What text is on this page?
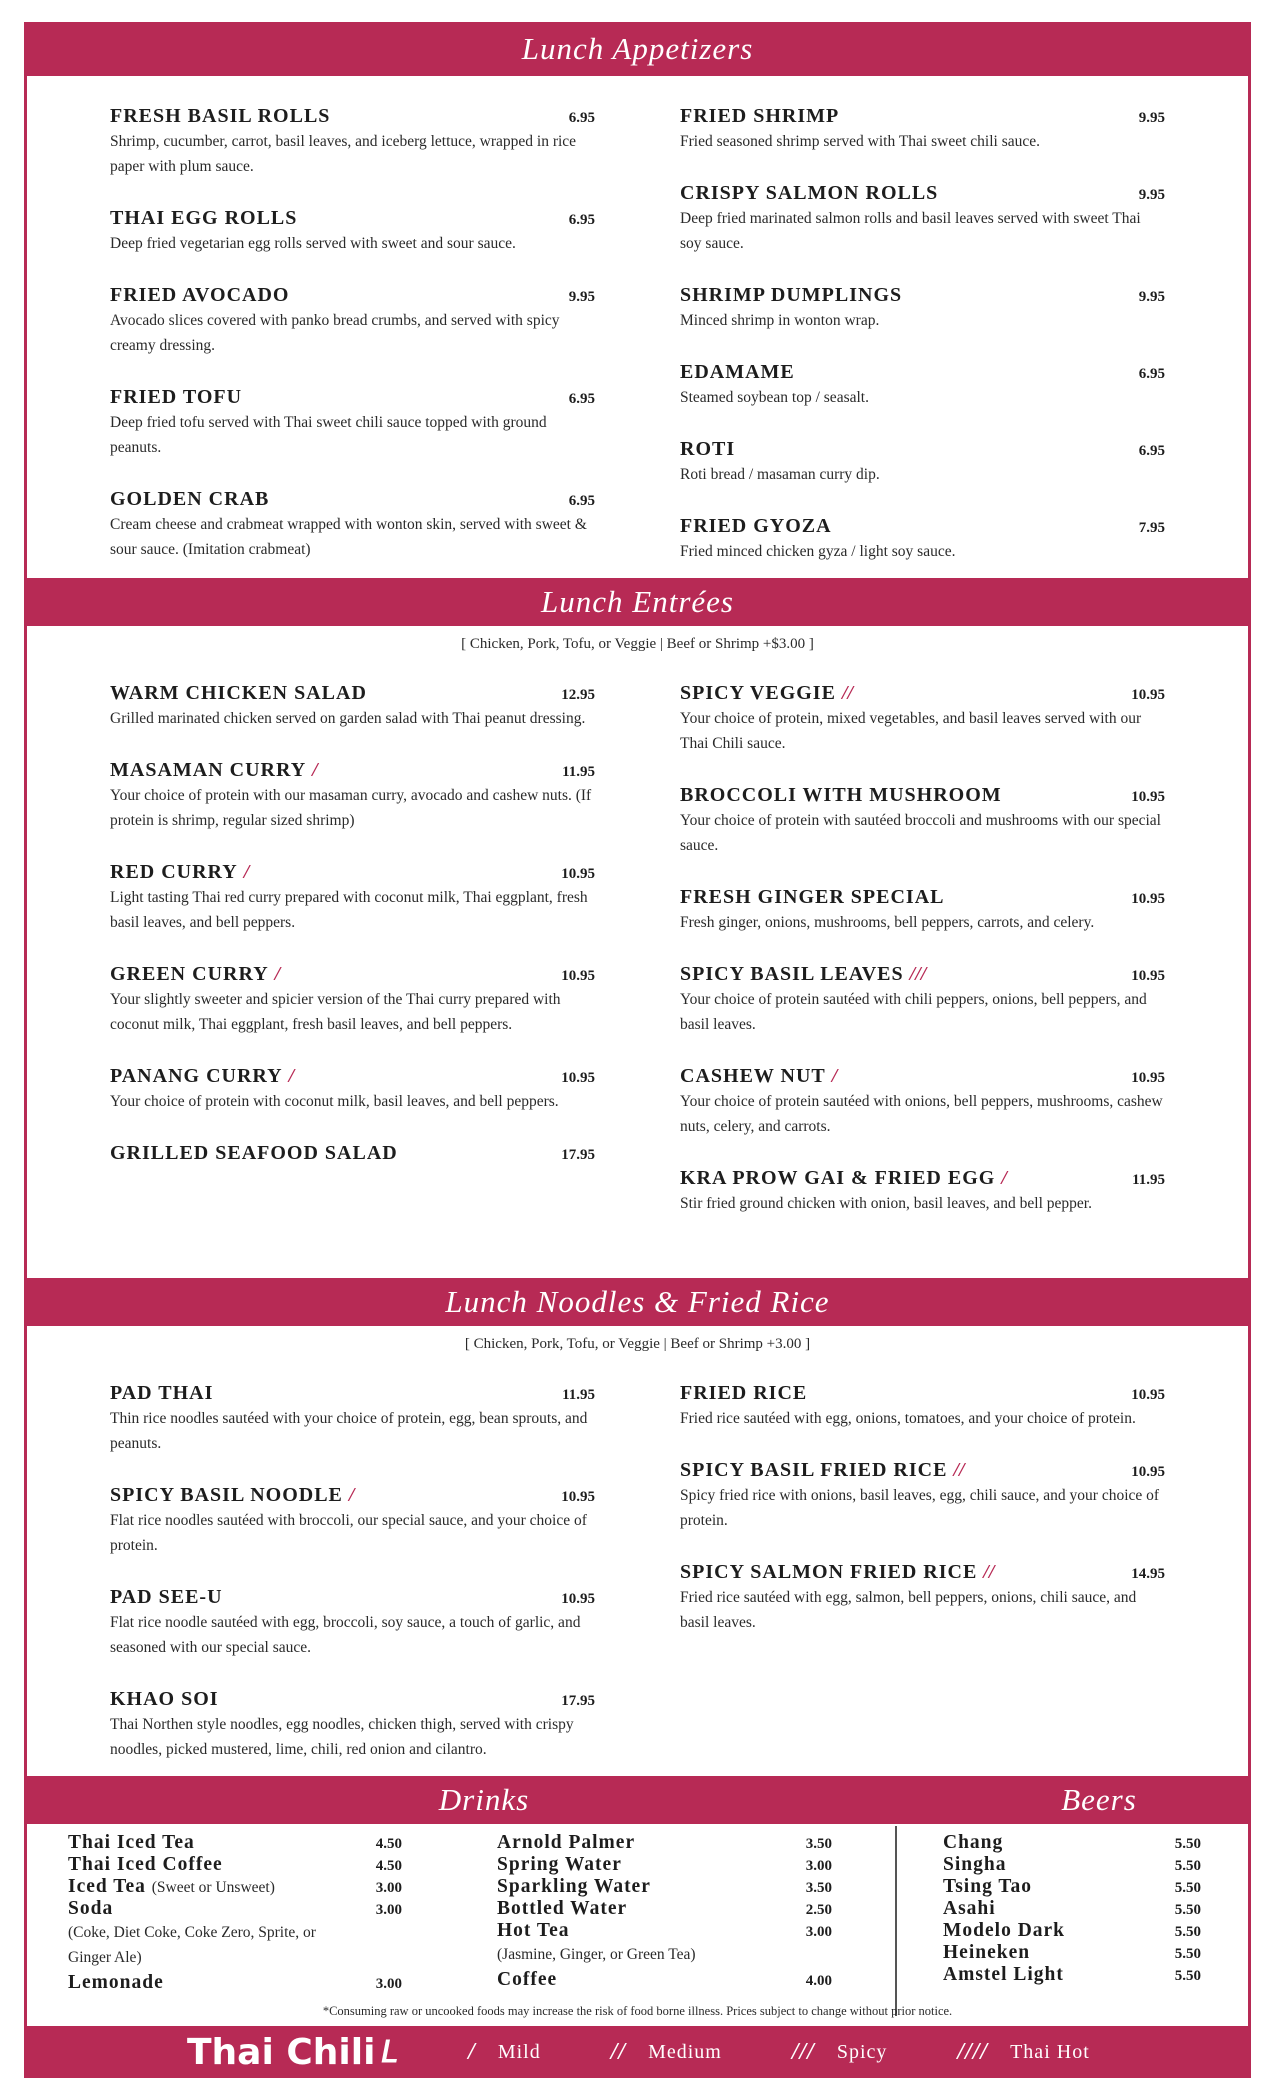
Lunch Appetizers
FRESH BASIL ROLLS	6.95
Shrimp, cucumber, carrot, basil leaves, and iceberg lettuce, wrapped in rice paper with plum sauce.
THAI EGG ROLLS	6.95
Deep fried vegetarian egg rolls served with sweet and sour sauce.
FRIED AVOCADO	9.95
Avocado slices covered with panko bread crumbs, and served with spicy creamy dressing.
FRIED TOFU	6.95
Deep fried tofu served with Thai sweet chili sauce topped with ground peanuts.
GOLDEN CRAB	6.95
Cream cheese and crabmeat wrapped with wonton skin, served with sweet & sour sauce. (Imitation crabmeat)
FRIED SHRIMP	9.95
Fried seasoned shrimp served with Thai sweet chili sauce.
CRISPY SALMON ROLLS	9.95
Deep fried marinated salmon rolls and basil leaves served with sweet Thai soy sauce.
SHRIMP DUMPLINGS	9.95
Minced shrimp in wonton wrap.
EDAMAME	6.95
Steamed soybean top / seasalt.
ROTI	6.95
Roti bread / masaman curry dip.
FRIED GYOZA	7.95
Fried minced chicken gyza / light soy sauce.
Lunch Entrées
[ Chicken, Pork, Tofu, or Veggie | Beef or Shrimp +$3.00 ]
WARM CHICKEN SALAD	12.95
Grilled marinated chicken served on garden salad with Thai peanut dressing.
MASAMAN CURRY /	11.95
Your choice of protein with our masaman curry, avocado and cashew nuts. (If protein is shrimp, regular sized shrimp)
RED CURRY /	10.95
Light tasting Thai red curry prepared with coconut milk, Thai eggplant, fresh basil leaves, and bell peppers.
GREEN CURRY /	10.95
Your slightly sweeter and spicier version of the Thai curry prepared with coconut milk, Thai eggplant, fresh basil leaves, and bell peppers.
PANANG CURRY /	10.95
Your choice of protein with coconut milk, basil leaves, and bell peppers.
GRILLED SEAFOOD SALAD	17.95
SPICY VEGGIE //	10.95
Your choice of protein, mixed vegetables, and basil leaves served with our Thai Chili sauce.
BROCCOLI WITH MUSHROOM	10.95
Your choice of protein with sautéed broccoli and mushrooms with our special sauce.
FRESH GINGER SPECIAL	10.95
Fresh ginger, onions, mushrooms, bell peppers, carrots, and celery.
SPICY BASIL LEAVES ///	10.95
Your choice of protein sautéed with chili peppers, onions, bell peppers, and basil leaves.
CASHEW NUT /	10.95
Your choice of protein sautéed with onions, bell peppers, mushrooms, cashew nuts, celery, and carrots.
KRA PROW GAI & FRIED EGG /	11.95
Stir fried ground chicken with onion, basil leaves, and bell pepper.
Lunch Noodles & Fried Rice
[ Chicken, Pork, Tofu, or Veggie | Beef or Shrimp +3.00 ]
PAD THAI	11.95
Thin rice noodles sautéed with your choice of protein, egg, bean sprouts, and peanuts.
SPICY BASIL NOODLE /	10.95
Flat rice noodles sautéed with broccoli, our special sauce, and your choice of protein.
PAD SEE-U	10.95
Flat rice noodle sautéed with egg, broccoli, soy sauce, a touch of garlic, and seasoned with our special sauce.
KHAO SOI	17.95
Thai Northen style noodles, egg noodles, chicken thigh, served with crispy noodles, picked mustered, lime, chili, red onion and cilantro.
FRIED RICE	10.95
Fried rice sautéed with egg, onions, tomatoes, and your choice of protein.
SPICY BASIL FRIED RICE //	10.95
Spicy fried rice with onions, basil leaves, egg, chili sauce, and your choice of protein.
SPICY SALMON FRIED RICE //	14.95
Fried rice sautéed with egg, salmon, bell peppers, onions, chili sauce, and basil leaves.
Drinks	Beers
Thai Iced Tea	4.50
Thai Iced Coffee	4.50
Iced Tea (Sweet or Unsweet)	3.00
Soda	3.00
(Coke, Diet Coke, Coke Zero, Sprite, or
Ginger Ale)
Lemonade	3.00
Arnold Palmer	3.50
Spring Water	3.00
Sparkling Water	3.50
Bottled Water	2.50
Hot Tea	3.00
(Jasmine, Ginger, or Green Tea)
Coffee	4.00
Chang	5.50
Singha	5.50
Tsing Tao	5.50
Asahi	5.50
Modelo Dark	5.50
Heineken	5.50
Amstel Light	5.50
*Consuming raw or uncooked foods may increase the risk of food borne illness. Prices subject to change without prior notice.
Thai Chili 𝘓	/ Mild	// Medium	/// Spicy	//// Thai Hot
